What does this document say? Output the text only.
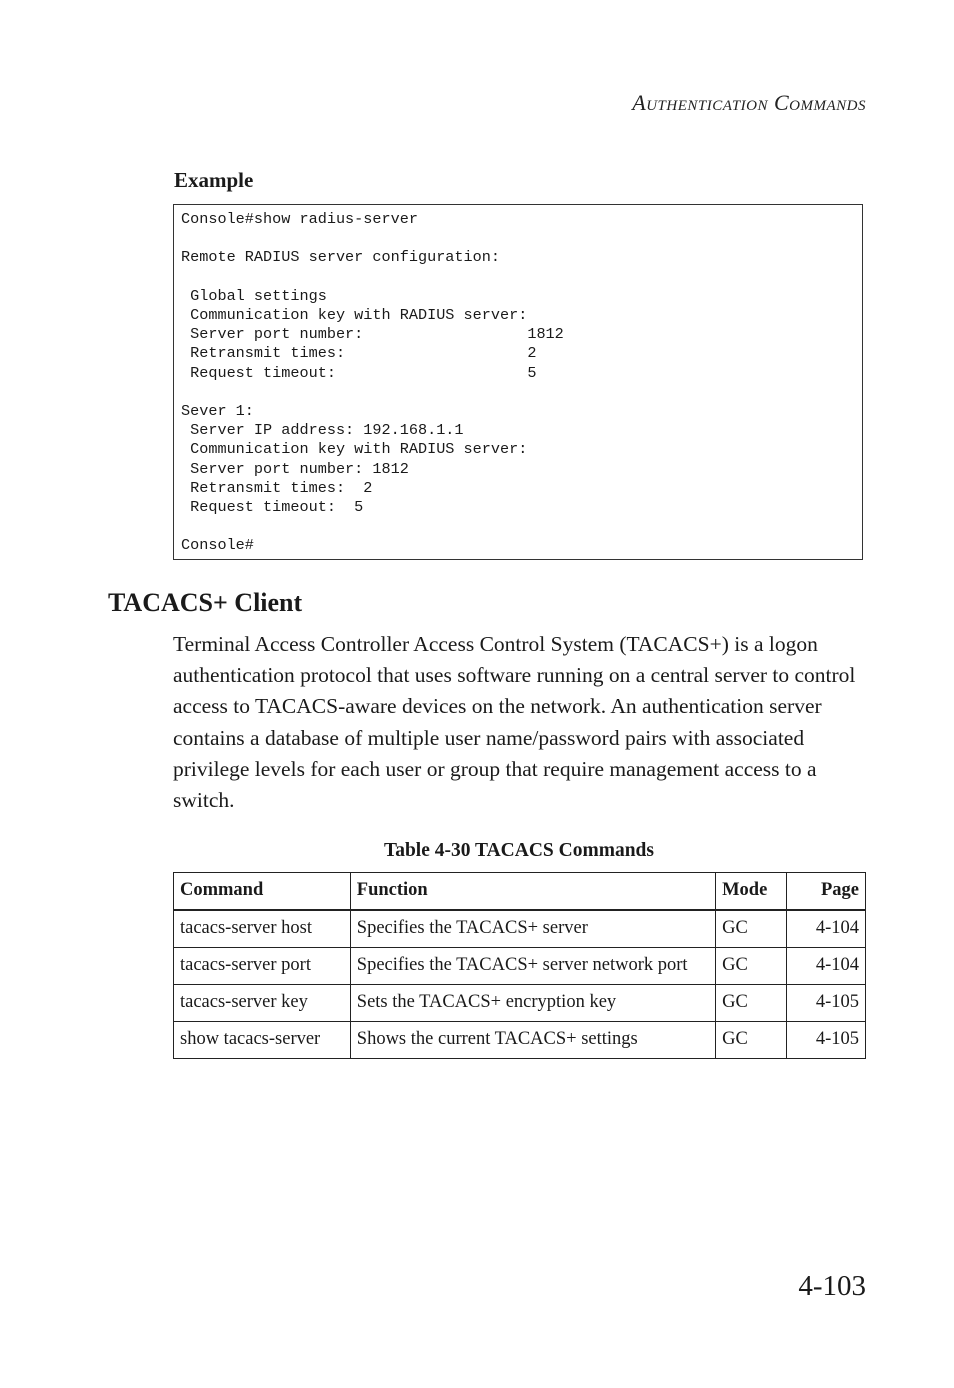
Authentication Commands
Example
Console#show radius-server

Remote RADIUS server configuration:

Global settings
Communication key with RADIUS server:
Server port number:                  1812
Retransmit times:                    2
Request timeout:                     5

Sever 1:
Server IP address: 192.168.1.1
Communication key with RADIUS server:
Server port number: 1812
Retransmit times:  2
Request timeout:  5

Console#
TACACS+ Client

Terminal Access Controller Access Control System (TACACS+) is a logon authentication protocol that uses software running on a central server to control access to TACACS-aware devices on the network. An authentication server contains a database of multiple user name/password pairs with associated privilege levels for each user or group that require management access to a switch.

Table 4-30 TACACS Commands
Command	Function	Mode	Page
tacacs-server host	Specifies the TACACS+ server	GC	4-104
tacacs-server port	Specifies the TACACS+ server network port	GC	4-104
tacacs-server key	Sets the TACACS+ encryption key	GC	4-105
show tacacs-server	Shows the current TACACS+ settings	GC	4-105
4-103
